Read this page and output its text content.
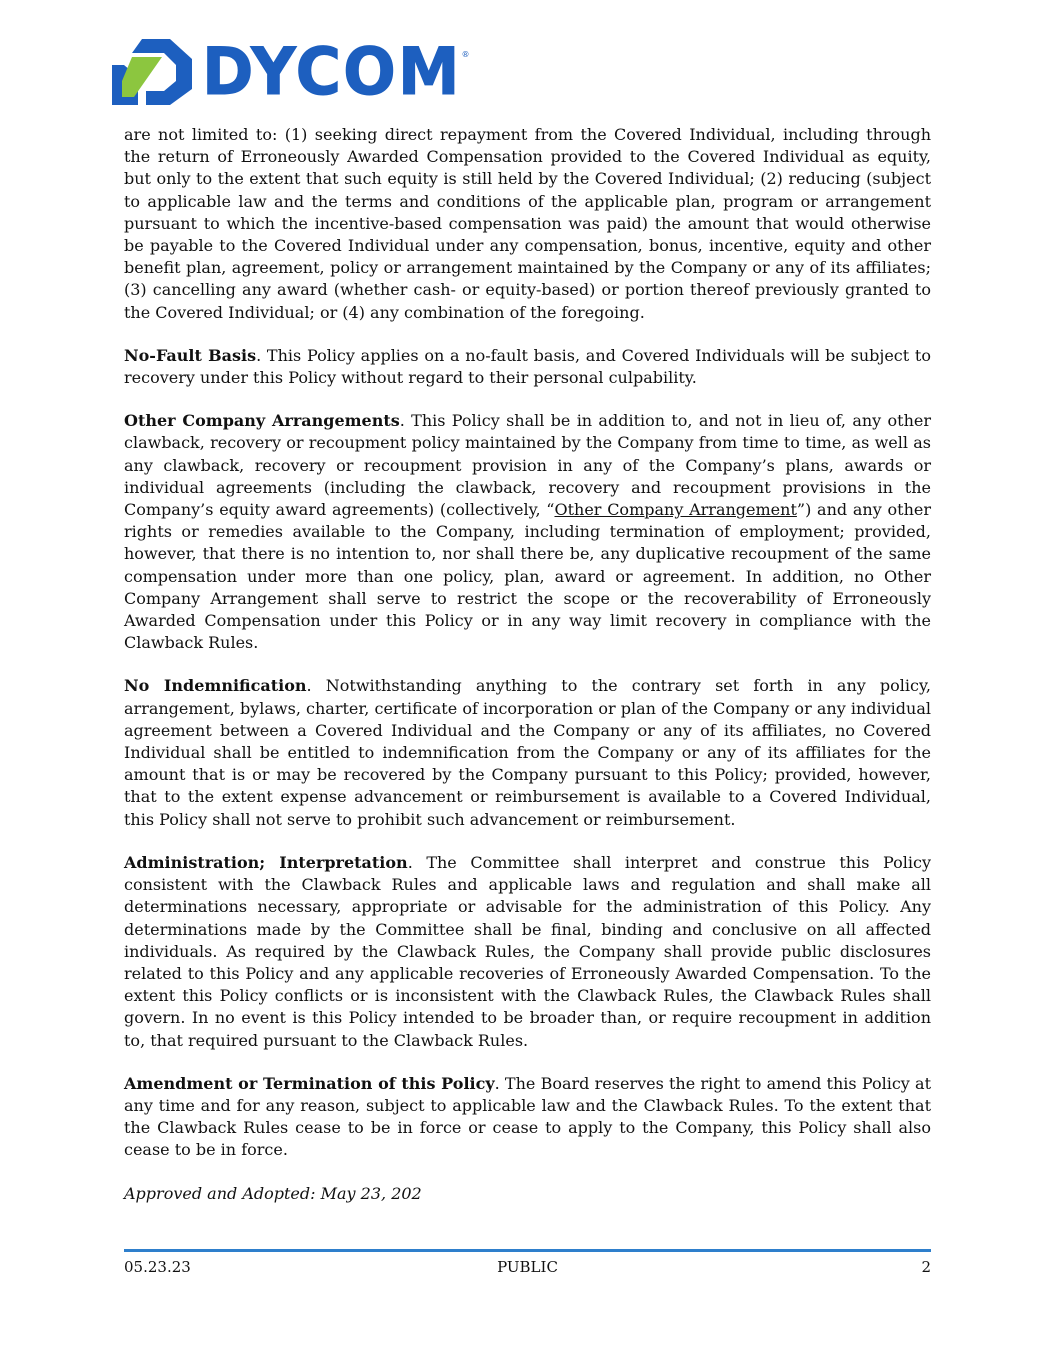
DYCOM ®

are not limited to: (1) seeking direct repayment from the Covered Individual, including through the return of Erroneously Awarded Compensation provided to the Covered Individual as equity, but only to the extent that such equity is still held by the Covered Individual; (2) reducing (subject to applicable law and the terms and conditions of the applicable plan, program or arrangement pursuant to which the incentive-based compensation was paid) the amount that would otherwise be payable to the Covered Individual under any compensation, bonus, incentive, equity and other benefit plan, agreement, policy or arrangement maintained by the Company or any of its affiliates; (3) cancelling any award (whether cash- or equity-based) or portion thereof previously granted to the Covered Individual; or (4) any combination of the foregoing.

No-Fault Basis. This Policy applies on a no-fault basis, and Covered Individuals will be subject to recovery under this Policy without regard to their personal culpability.

Other Company Arrangements. This Policy shall be in addition to, and not in lieu of, any other clawback, recovery or recoupment policy maintained by the Company from time to time, as well as any clawback, recovery or recoupment provision in any of the Company’s plans, awards or individual agreements (including the clawback, recovery and recoupment provisions in the Company’s equity award agreements) (collectively, “Other Company Arrangement”) and any other rights or remedies available to the Company, including termination of employment; provided, however, that there is no intention to, nor shall there be, any duplicative recoupment of the same compensation under more than one policy, plan, award or agreement. In addition, no Other Company Arrangement shall serve to restrict the scope or the recoverability of Erroneously Awarded Compensation under this Policy or in any way limit recovery in compliance with the Clawback Rules.

No Indemnification. Notwithstanding anything to the contrary set forth in any policy, arrangement, bylaws, charter, certificate of incorporation or plan of the Company or any individual agreement between a Covered Individual and the Company or any of its affiliates, no Covered Individual shall be entitled to indemnification from the Company or any of its affiliates for the amount that is or may be recovered by the Company pursuant to this Policy; provided, however, that to the extent expense advancement or reimbursement is available to a Covered Individual, this Policy shall not serve to prohibit such advancement or reimbursement.

Administration; Interpretation. The Committee shall interpret and construe this Policy consistent with the Clawback Rules and applicable laws and regulation and shall make all determinations necessary, appropriate or advisable for the administration of this Policy. Any determinations made by the Committee shall be final, binding and conclusive on all affected individuals. As required by the Clawback Rules, the Company shall provide public disclosures related to this Policy and any applicable recoveries of Erroneously Awarded Compensation. To the extent this Policy conflicts or is inconsistent with the Clawback Rules, the Clawback Rules shall govern. In no event is this Policy intended to be broader than, or require recoupment in addition to, that required pursuant to the Clawback Rules.

Amendment or Termination of this Policy. The Board reserves the right to amend this Policy at any time and for any reason, subject to applicable law and the Clawback Rules. To the extent that the Clawback Rules cease to be in force or cease to apply to the Company, this Policy shall also cease to be in force.

Approved and Adopted: May 23, 202

05.23.23	PUBLIC	2
